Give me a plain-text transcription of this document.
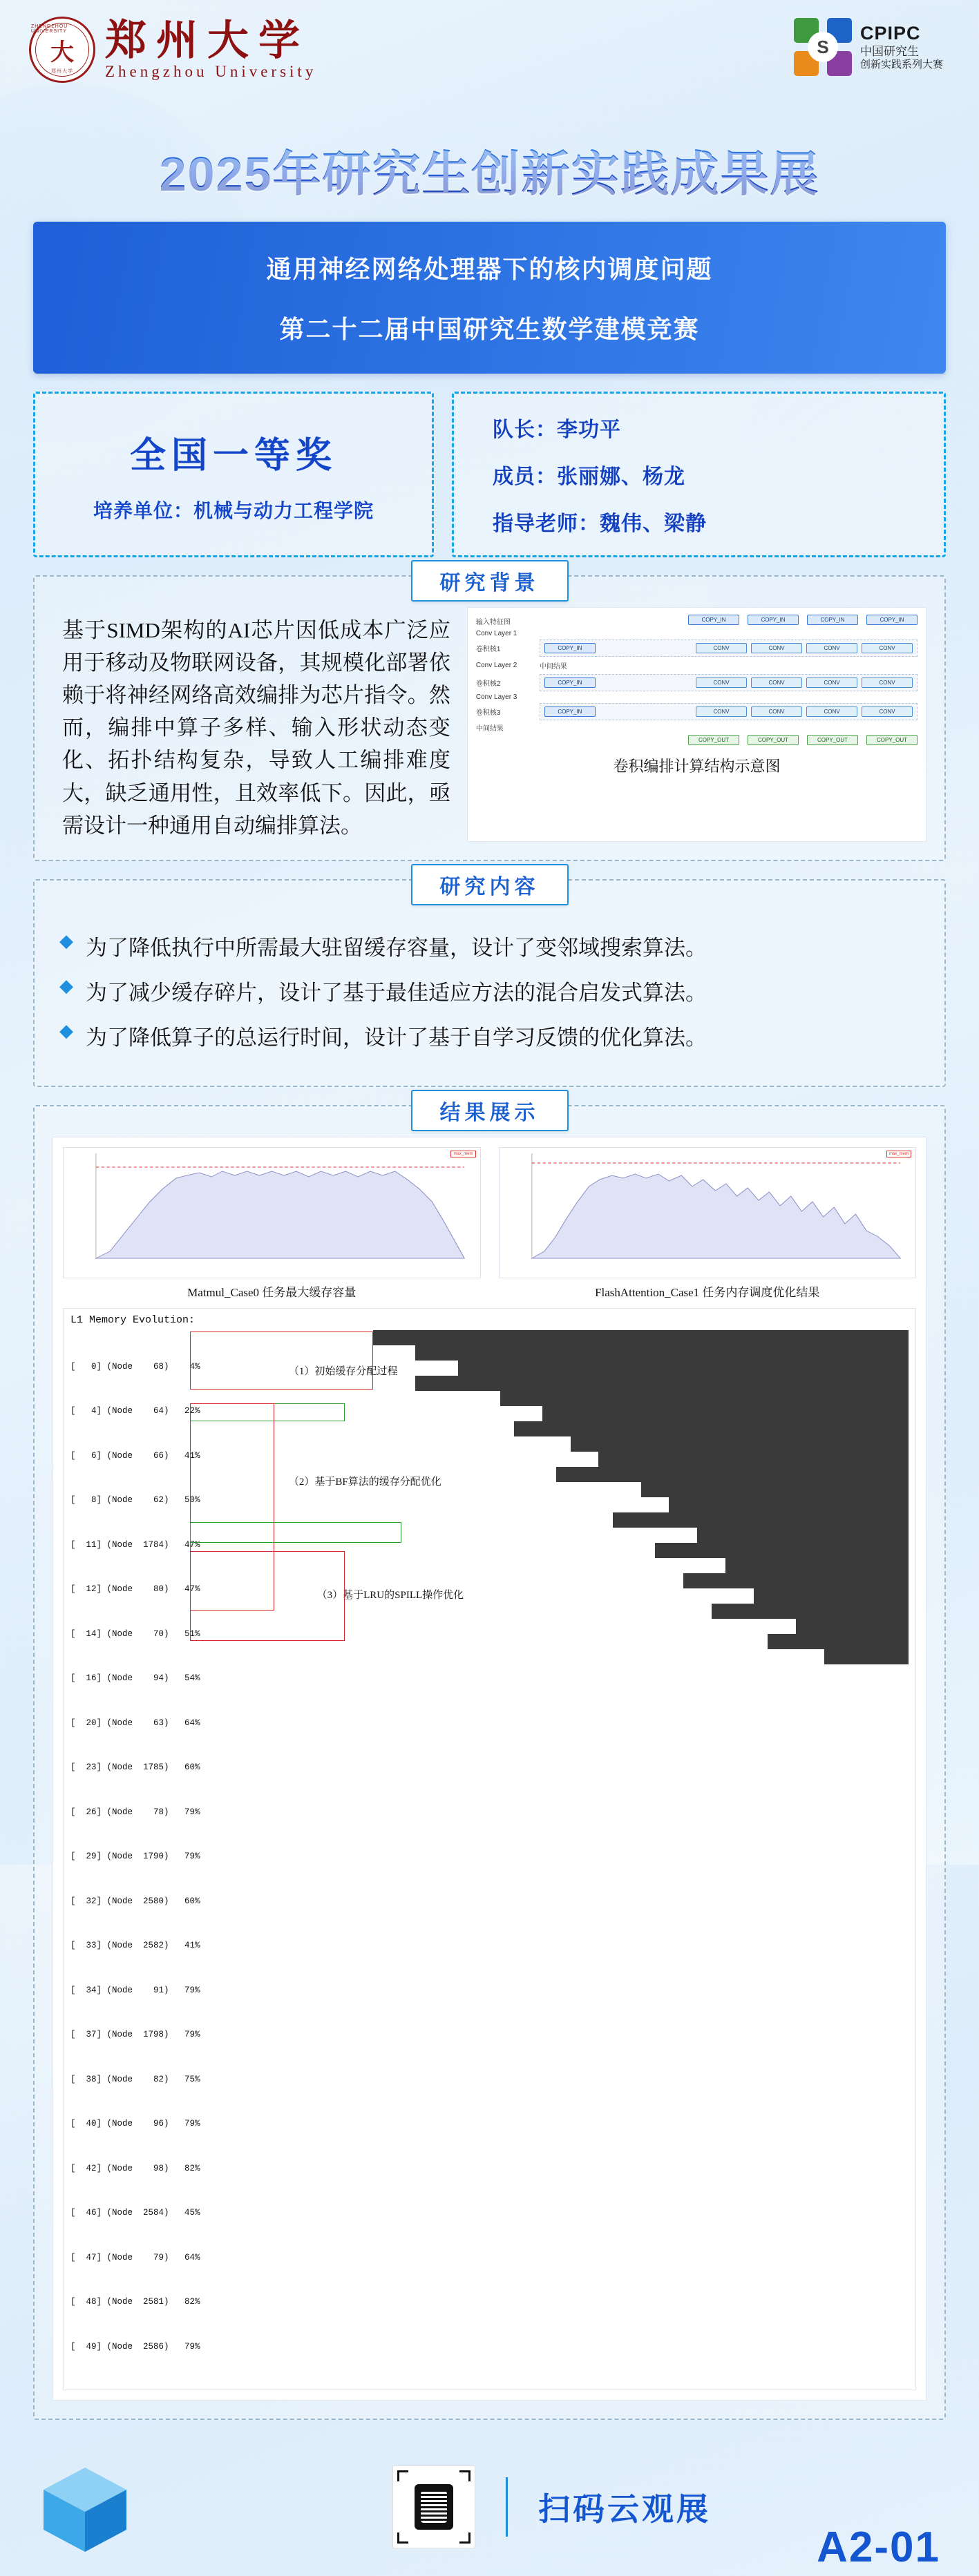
ZHENGZHOU UNIVERSITY
大
郑州大学
郑州大学
Zhengzhou University
S
CPIPC
中国研究生
创新实践系列大赛
2025年研究生创新实践成果展
通用神经网络处理器下的核内调度问题
第二十二届中国研究生数学建模竞赛
全国一等奖
培养单位：机械与动力工程学院
队长：李功平
成员：张丽娜、杨龙
指导老师：魏伟、梁静
研究背景
基于SIMD架构的AI芯片因低成本广泛应用于移动及物联网设备，其规模化部署依赖于将神经网络高效编排为芯片指令。然而，编排中算子多样、输入形状动态变化、拓扑结构复杂，导致人工编排难度大，缺乏通用性，且效率低下。因此，亟需设计一种通用自动编排算法。
输入特征图	COPY_IN	COPY_IN	COPY_IN	COPY_IN
Conv Layer 1
卷积核1	COPY_IN	CONV	CONV	CONV	CONV
Conv Layer 2	中间结果
卷积核2	COPY_IN	CONV	CONV	CONV	CONV
Conv Layer 3
卷积核3	COPY_IN	CONV	CONV	CONV	CONV
中间结果
COPY_OUT	COPY_OUT	COPY_OUT	COPY_OUT
卷积编排计算结构示意图
研究内容
◆ 为了降低执行中所需最大驻留缓存容量，设计了变邻域搜索算法。
◆ 为了减少缓存碎片，设计了基于最佳适应方法的混合启发式算法。
◆ 为了降低算子的总运行时间，设计了基于自学习反馈的优化算法。
结果展示
max_mem
Matmul_Case0 任务最大缓存容量
max_mem
FlashAttention_Case1 任务内存调度优化结果
L1 Memory Evolution:

[   0] (Node    68)    4%

[   4] (Node    64)   22%

[   6] (Node    66)   41%

[   8] (Node    62)   50%

[  11] (Node  1784)   47%

[  12] (Node    80)   47%

[  14] (Node    70)   51%

[  16] (Node    94)   54%

[  20] (Node    63)   64%

[  23] (Node  1785)   60%

[  26] (Node    78)   79%

[  29] (Node  1790)   79%

[  32] (Node  2580)   60%

[  33] (Node  2582)   41%

[  34] (Node    91)   79%

[  37] (Node  1798)   79%

[  38] (Node    82)   75%

[  40] (Node    96)   79%

[  42] (Node    98)   82%

[  46] (Node  2584)   45%

[  47] (Node    79)   64%

[  48] (Node  2581)   82%

[  49] (Node  2586)   79%

（1）初始缓存分配过程
（2）基于BF算法的缓存分配优化
（3）基于LRU的SPILL操作优化
扫码云观展
A2-01
